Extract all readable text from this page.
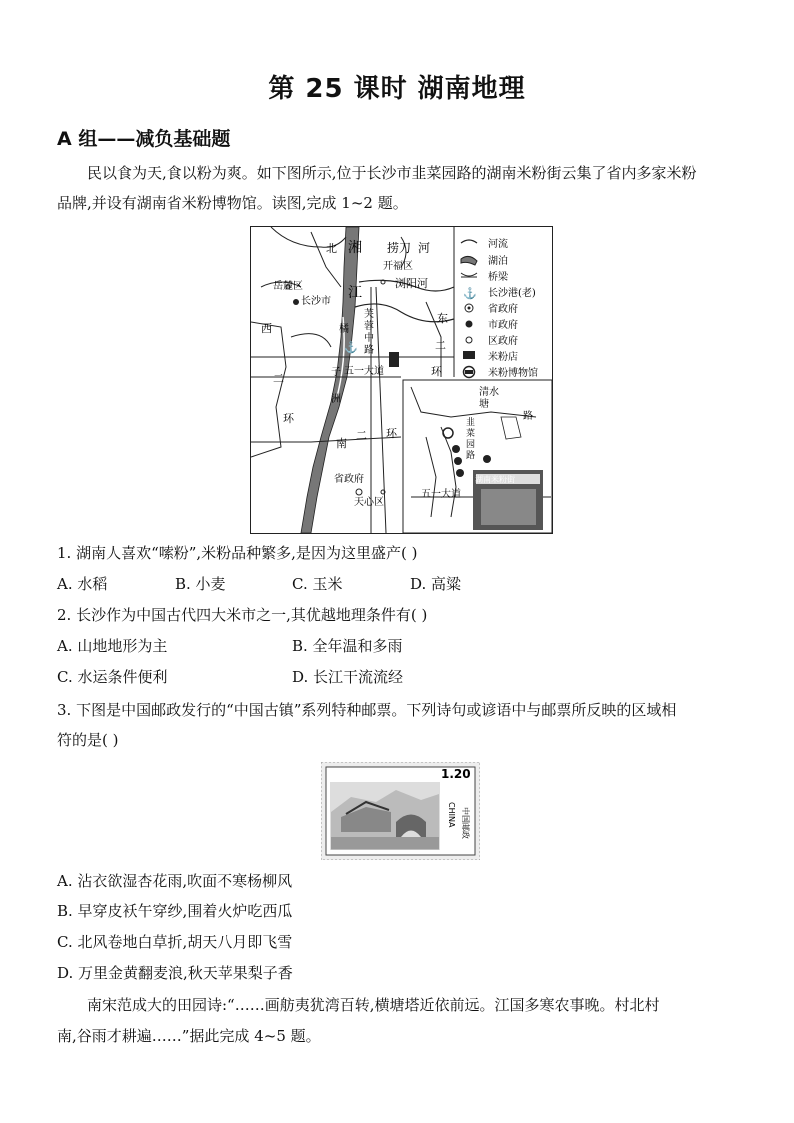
第 25 课时 湖南地理
A 组——减负基础题
民以食为天,食以粉为爽。如下图所示,位于长沙市韭菜园路的湖南米粉街云集了省内多家米粉
品牌,并设有湖南省米粉博物馆。读图,完成 1~2 题。
⚓
湘
江
北	捞刀 河
开福区
浏阳河
岳麓区
长沙市
西
二
环
芙
蓉
中
路
橘
子
洲
五一大道
东
二
环
南
二 环
省政府
天心区
清水
塘
路
韭
菜
园
路
湖南米粉街
五一大道
河流
湖泊
桥梁
⚓ 长沙港(老)
省政府
市政府
区政府
米粉店
米粉博物馆
1. 湖南人喜欢“嗦粉”,米粉品种繁多,是因为这里盛产( )
A. 水稻	B. 小麦	C. 玉米	D. 高粱
2. 长沙作为中国古代四大米市之一,其优越地理条件有( )
A. 山地地形为主	B. 全年温和多雨
C. 水运条件便利	D. 长江干流流经
3. 下图是中国邮政发行的“中国古镇”系列特种邮票。下列诗句或谚语中与邮票所反映的区域相
符的是( )
1.20
CHINA 中国邮政
A. 沾衣欲湿杏花雨,吹面不寒杨柳风
B. 早穿皮袄午穿纱,围着火炉吃西瓜
C. 北风卷地白草折,胡天八月即飞雪
D. 万里金黄翻麦浪,秋天苹果梨子香
南宋范成大的田园诗:“……画舫夷犹湾百转,横塘塔近依前远。江国多寒农事晚。村北村
南,谷雨才耕遍……”据此完成 4~5 题。
